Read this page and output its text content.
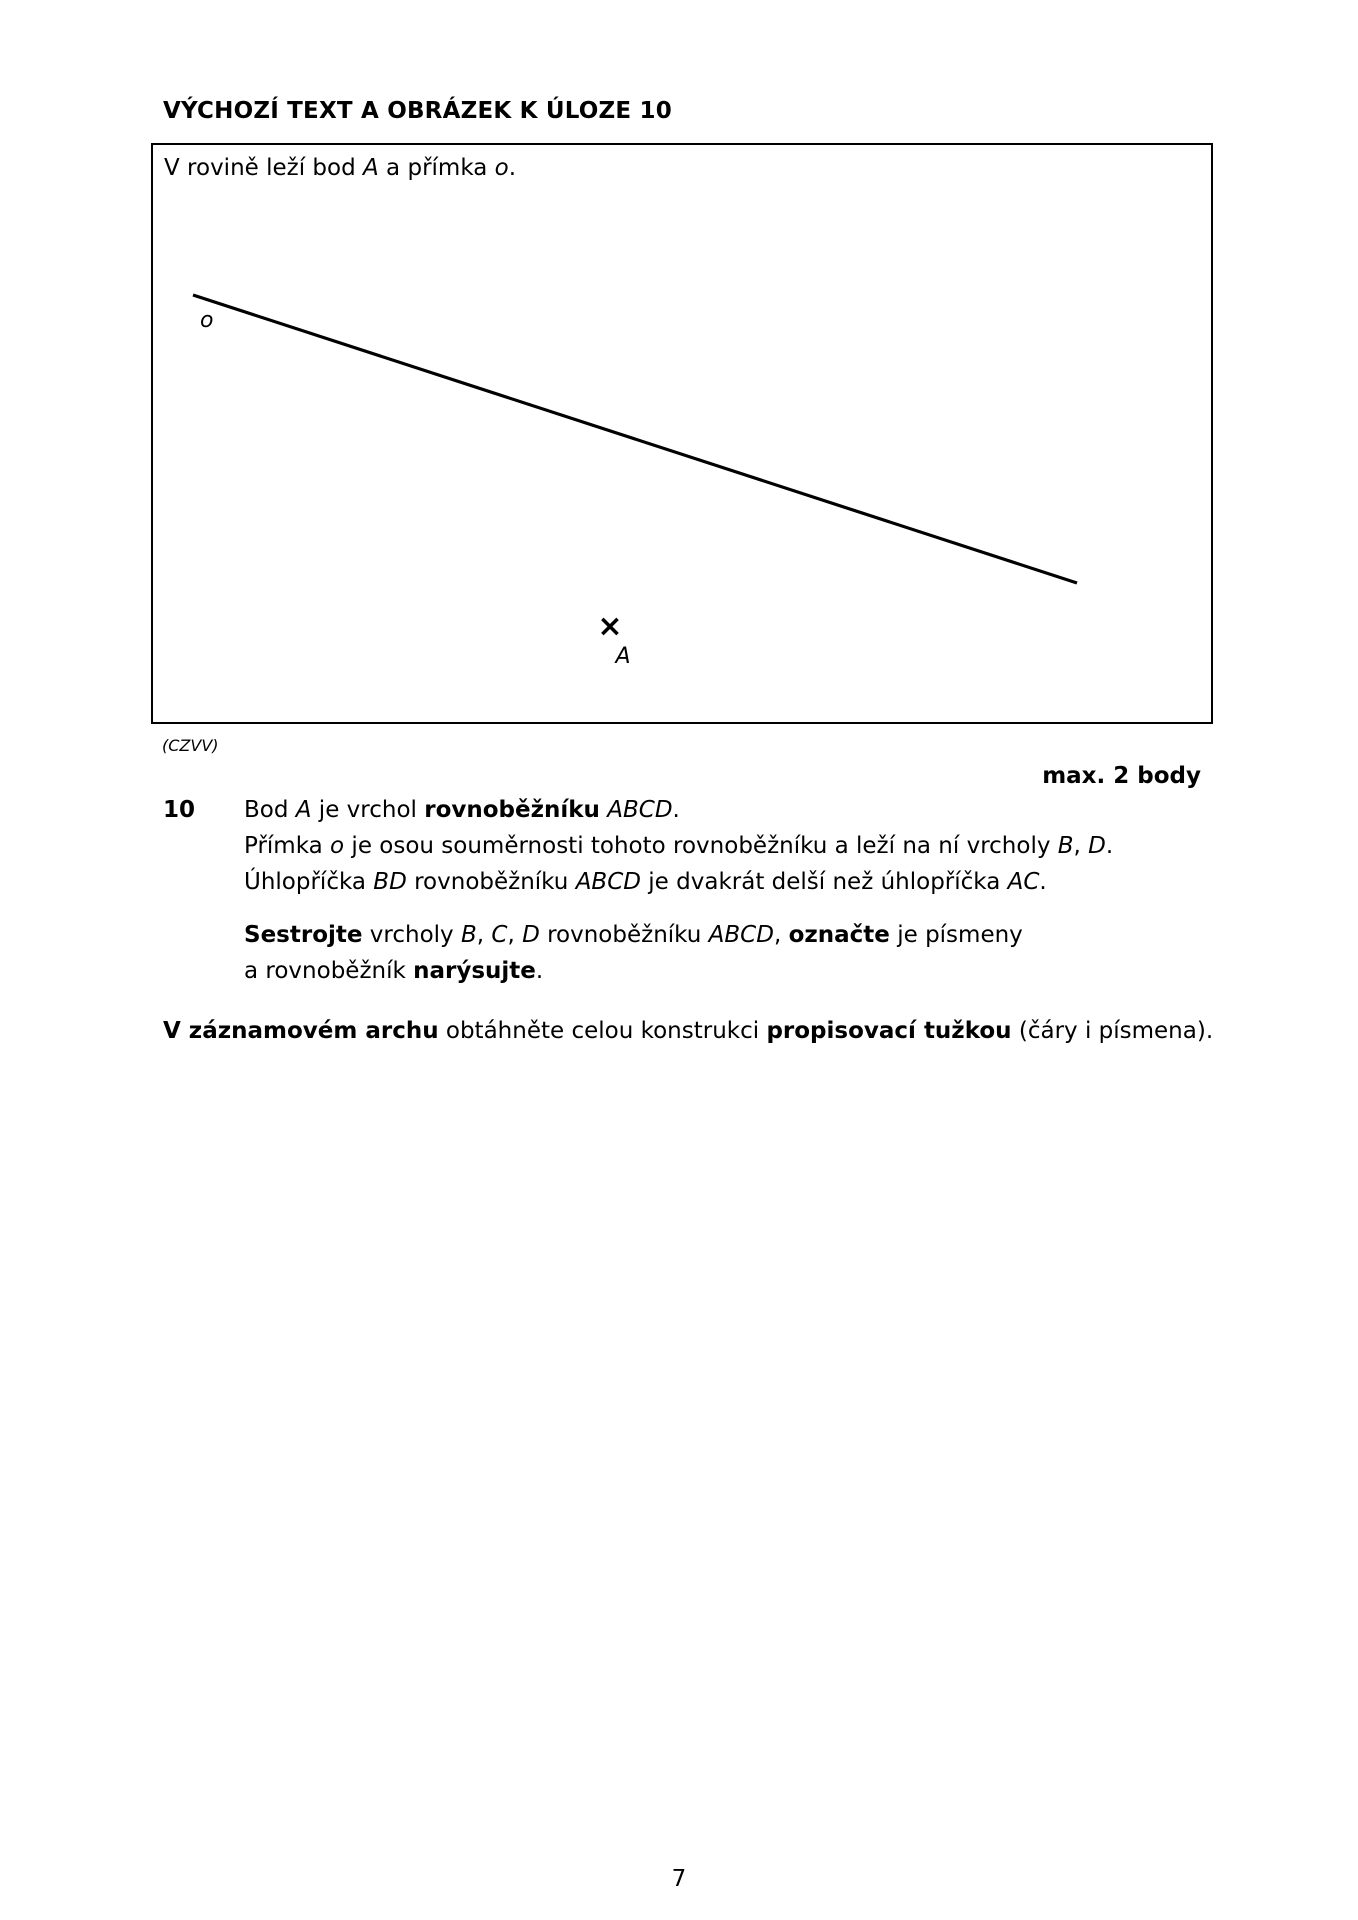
VÝCHOZÍ TEXT A OBRÁZEK K ÚLOZE 10
o
×
A
V rovině leží bod A a přímka o.
(CZVV)
max. 2 body
10 Bod A je vrchol rovnoběžníku ABCD.
Přímka o je osou souměrnosti tohoto rovnoběžníku a leží na ní vrcholy B, D.
Úhlopříčka BD rovnoběžníku ABCD je dvakrát delší než úhlopříčka AC.
Sestrojte vrcholy B, C, D rovnoběžníku ABCD, označte je písmeny
a rovnoběžník narýsujte.
V záznamovém archu obtáhněte celou konstrukci propisovací tužkou (čáry i písmena).
7
